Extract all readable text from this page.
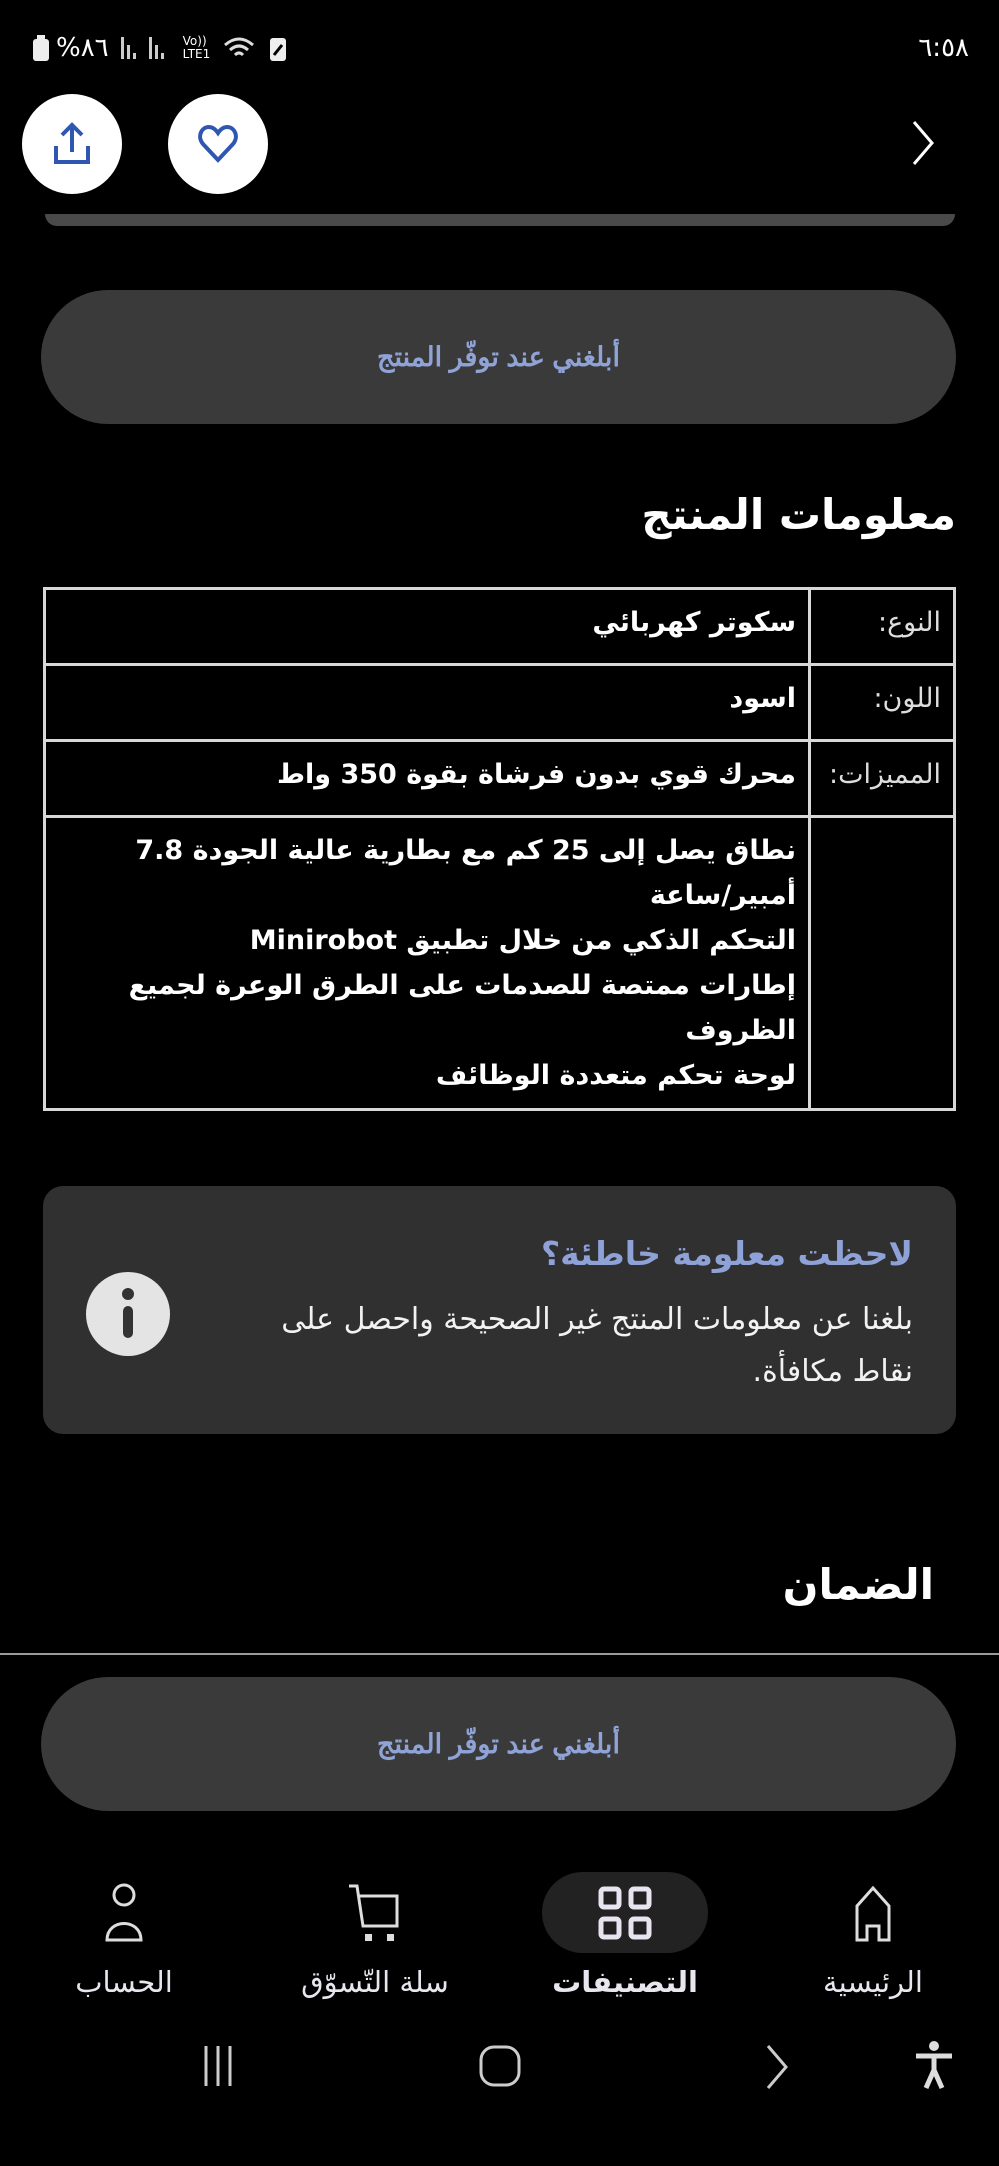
%٨٦	Vo)) LTE1	٦:٥٨
أبلغني عند توفّر المنتج
معلومات المنتج
النوع:	سكوتر كهربائي
اللون:	اسود
المميزات:	محرك قوي بدون فرشاة بقوة 350 واط

	نطاق يصل إلى 25 كم مع بطارية عالية الجودة 7.8 أمبير/ساعة
التحكم الذكي من خلال تطبيق Minirobot
إطارات ممتصة للصدمات على الطرق الوعرة لجميع الظروف
لوحة تحكم متعددة الوظائف
لاحظت معلومة خاطئة؟
بلغنا عن معلومات المنتج غير الصحيحة واحصل على نقاط مكافأة.
الضمان
أبلغني عند توفّر المنتج
الرئيسية
التصنيفات
سلة التّسوّق
الحساب
